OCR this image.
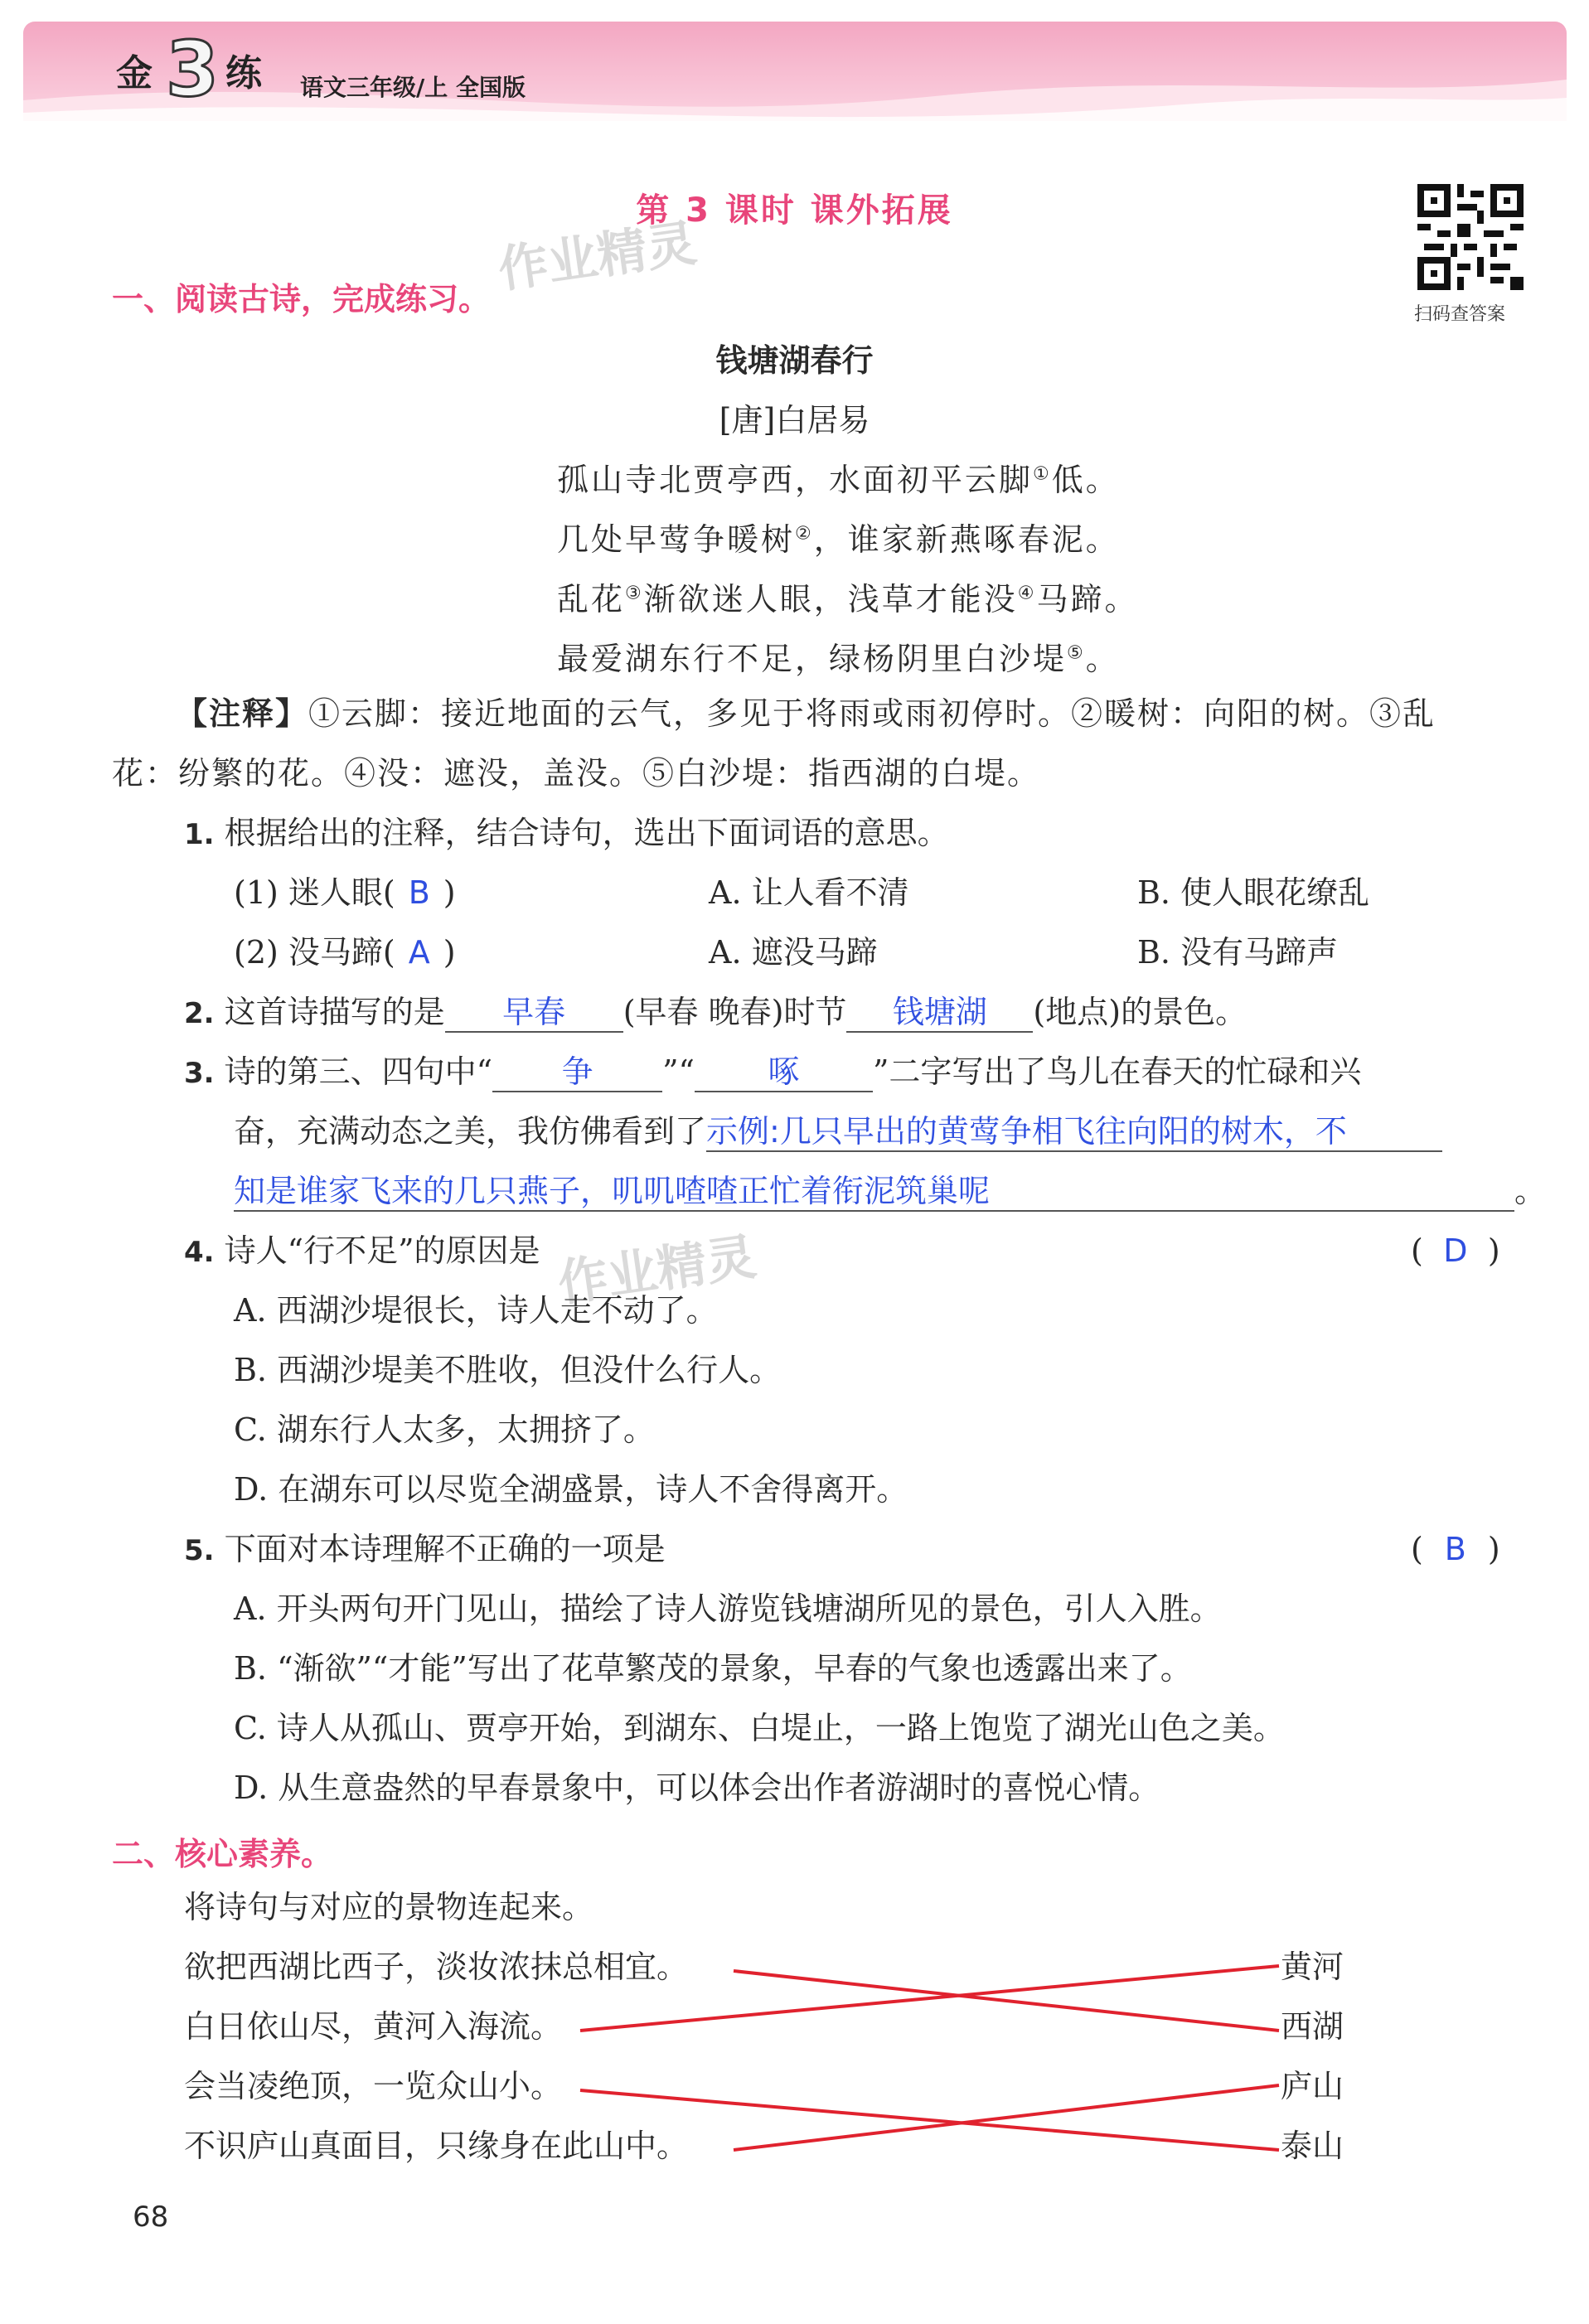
金 3 练 语文三年级/上 全国版
第 3 课时 课外拓展
作业精灵
作业精灵
扫码查答案
一、阅读古诗，完成练习。
钱塘湖春行
[唐]白居易
孤山寺北贾亭西，水面初平云脚①低。
几处早莺争暖树②，谁家新燕啄春泥。
乱花③渐欲迷人眼，浅草才能没④马蹄。
最爱湖东行不足，绿杨阴里白沙堤⑤。
【注释】①云脚：接近地面的云气，多见于将雨或雨初停时。②暖树：向阳的树。③乱
花：纷繁的花。④没：遮没，盖没。⑤白沙堤：指西湖的白堤。
1. 根据给出的注释，结合诗句，选出下面词语的意思。
(1) 迷人眼( B )	A. 让人看不清	B. 使人眼花缭乱
(2) 没马蹄( A )	A. 遮没马蹄	B. 没有马蹄声
2. 这首诗描写的是 早春 (早春 晚春)时节 钱塘湖 (地点)的景色。
3. 诗的第三、四句中“ 争 ”“ 啄 ”二字写出了鸟儿在春天的忙碌和兴
奋，充满动态之美，我仿佛看到了示例:几只早出的黄莺争相飞往向阳的树木，不
知是谁家飞来的几只燕子，叽叽喳喳正忙着衔泥筑巢呢	。
4. 诗人“行不足”的原因是	( D )
A. 西湖沙堤很长，诗人走不动了。
B. 西湖沙堤美不胜收，但没什么行人。
C. 湖东行人太多，太拥挤了。
D. 在湖东可以尽览全湖盛景，诗人不舍得离开。
5. 下面对本诗理解不正确的一项是	( B )
A. 开头两句开门见山，描绘了诗人游览钱塘湖所见的景色，引人入胜。
B. “渐欲”“才能”写出了花草繁茂的景象，早春的气象也透露出来了。
C. 诗人从孤山、贾亭开始，到湖东、白堤止，一路上饱览了湖光山色之美。
D. 从生意盎然的早春景象中，可以体会出作者游湖时的喜悦心情。
二、核心素养。
将诗句与对应的景物连起来。
欲把西湖比西子，淡妆浓抹总相宜。
白日依山尽，黄河入海流。
会当凌绝顶，一览众山小。
不识庐山真面目，只缘身在此山中。
黄河
西湖
庐山
泰山
68
